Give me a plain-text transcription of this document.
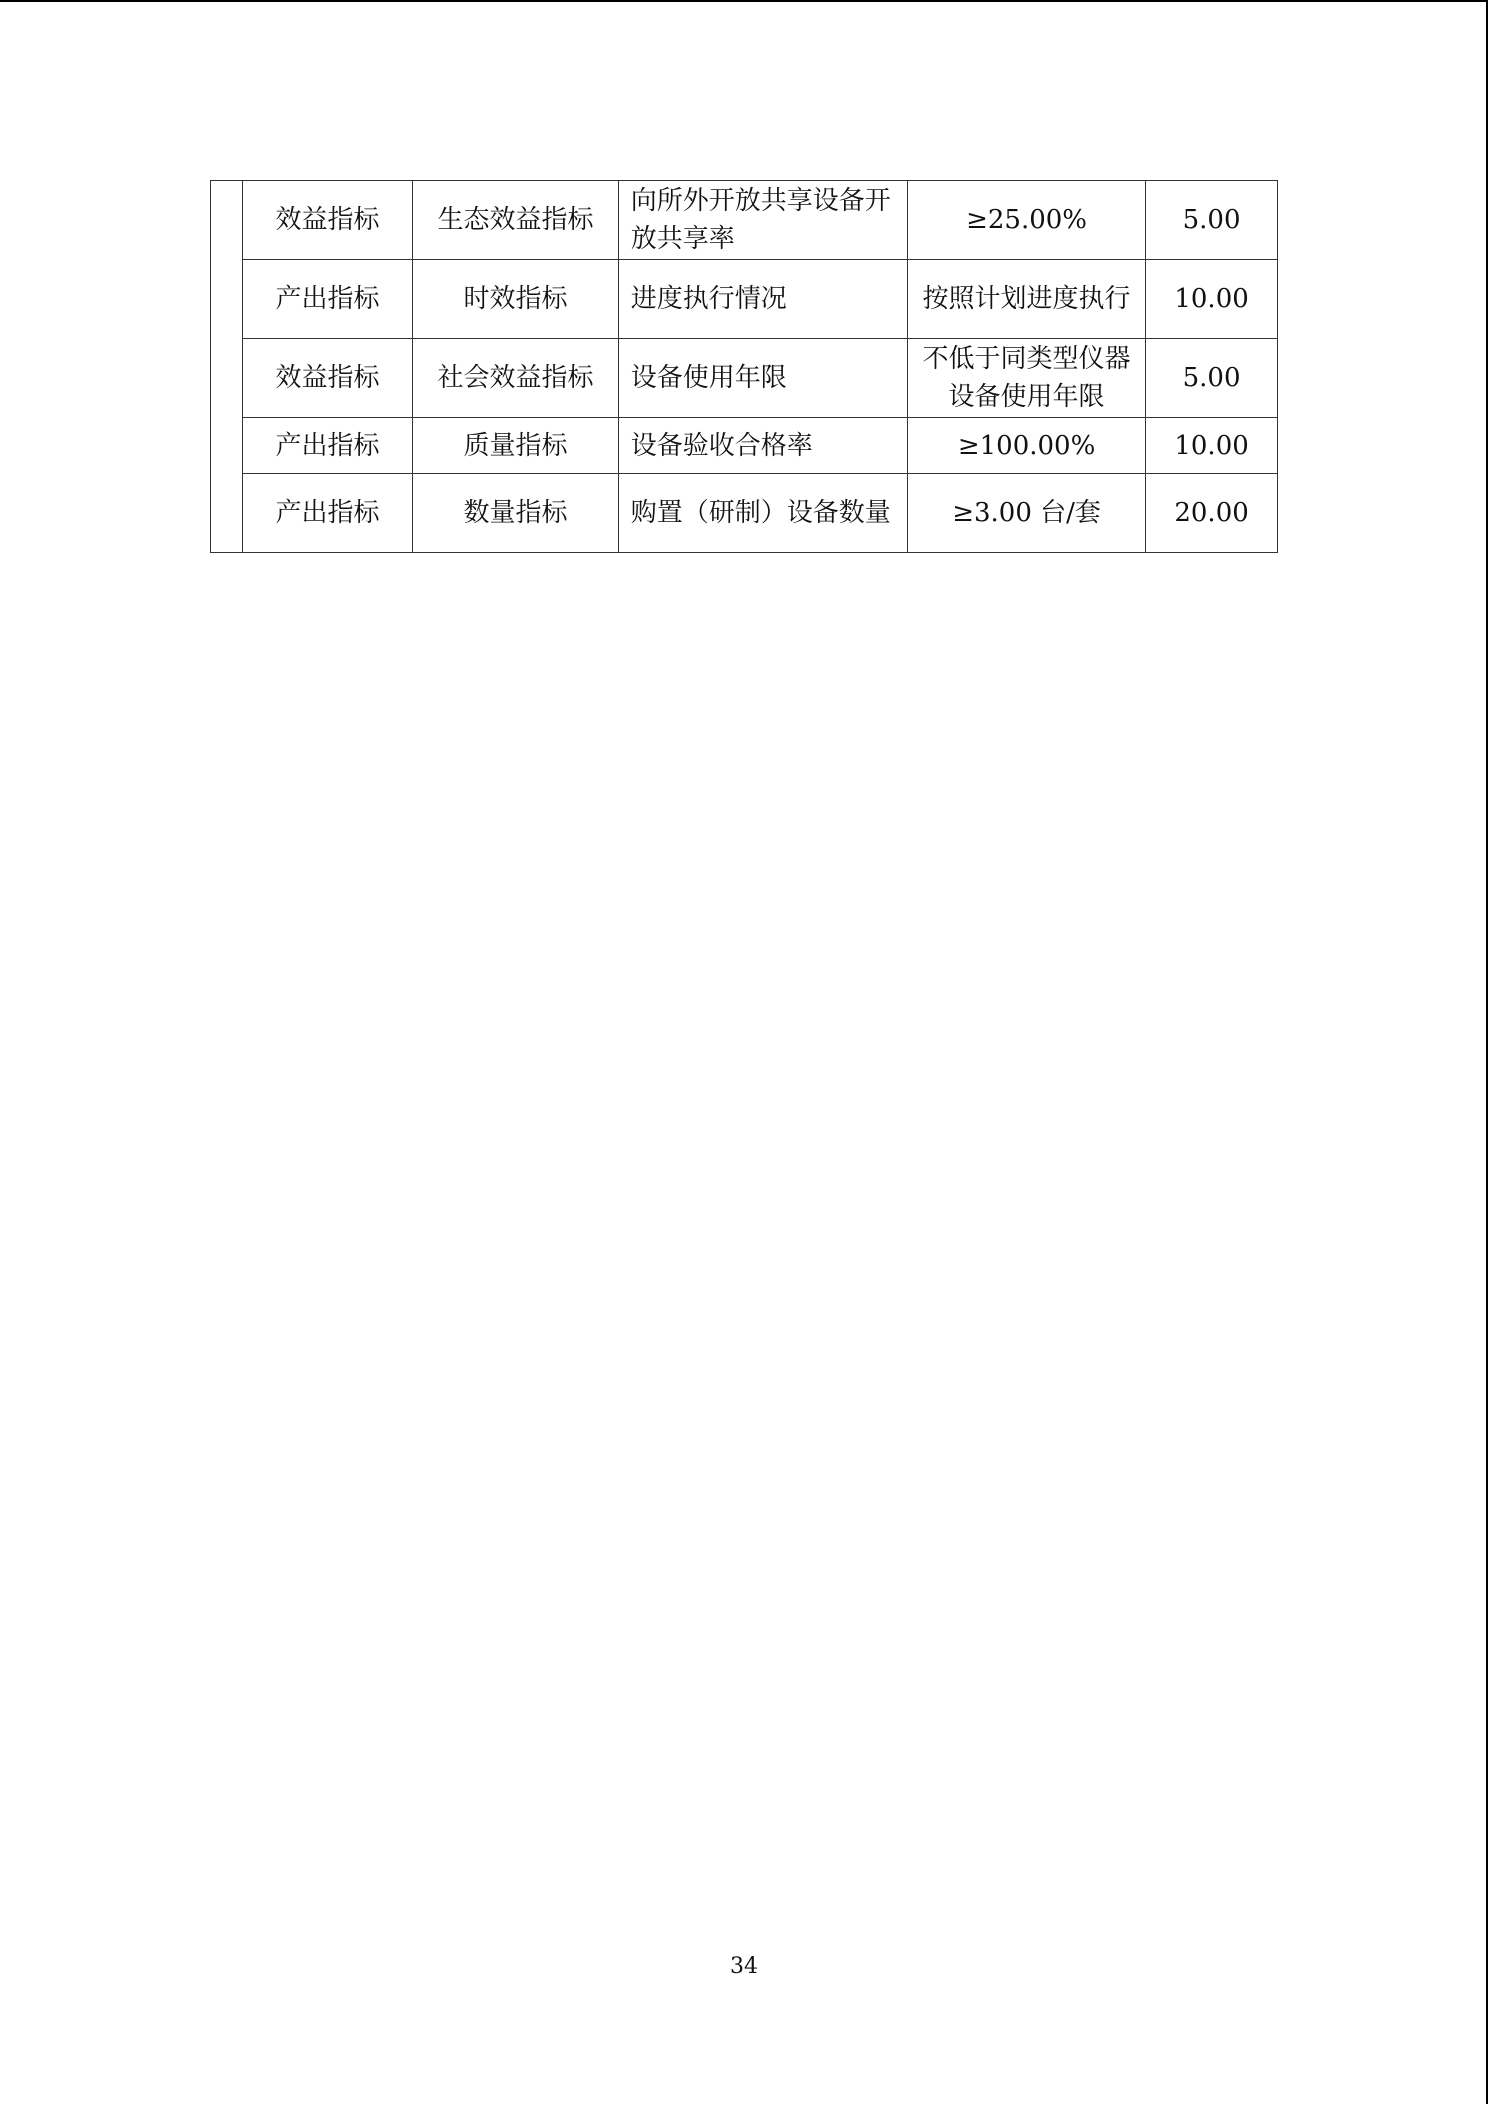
	效益指标	生态效益指标	向所外开放共享设备开放共享率	≥25.00%	5.00
	产出指标	时效指标	进度执行情况	按照计划进度执行	10.00
	效益指标	社会效益指标	设备使用年限	不低于同类型仪器设备使用年限	5.00
	产出指标	质量指标	设备验收合格率	≥100.00%	10.00
	产出指标	数量指标	购置（研制）设备数量	≥3.00 台/套	20.00
34
